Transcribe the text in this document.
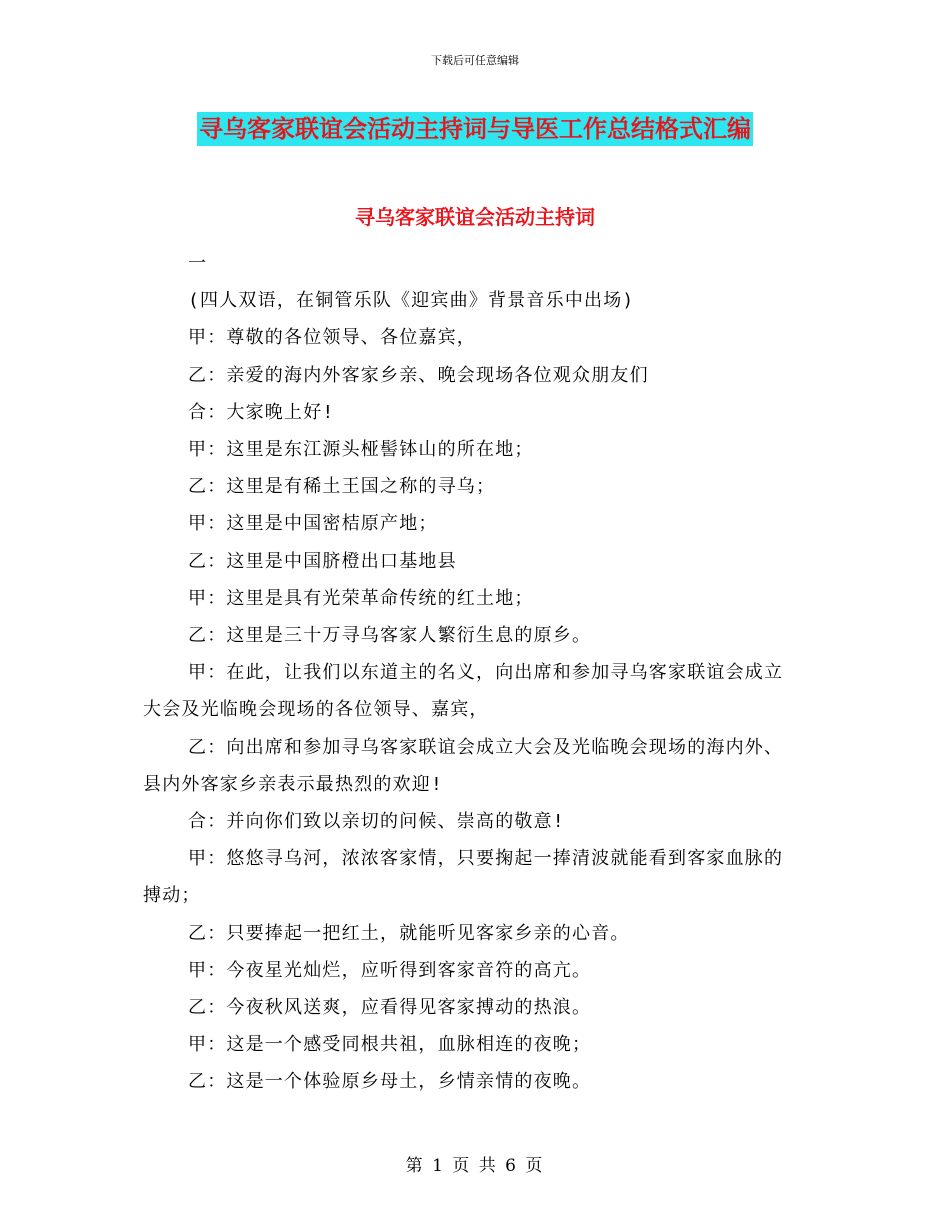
下载后可任意编辑
寻乌客家联谊会活动主持词与导医工作总结格式汇编
寻乌客家联谊会活动主持词

一

(四人双语，在铜管乐队《迎宾曲》背景音乐中出场)

甲：尊敬的各位领导、各位嘉宾，

乙：亲爱的海内外客家乡亲、晚会现场各位观众朋友们

合：大家晚上好!

甲：这里是东江源头桠髻钵山的所在地；

乙：这里是有稀土王国之称的寻乌；

甲：这里是中国密桔原产地；

乙：这里是中国脐橙出口基地县

甲：这里是具有光荣革命传统的红土地；

乙：这里是三十万寻乌客家人繁衍生息的原乡。

甲：在此，让我们以东道主的名义，向出席和参加寻乌客家联谊会成立大会及光临晚会现场的各位领导、嘉宾，

乙：向出席和参加寻乌客家联谊会成立大会及光临晚会现场的海内外、县内外客家乡亲表示最热烈的欢迎!

合：并向你们致以亲切的问候、崇高的敬意!

甲：悠悠寻乌河，浓浓客家情，只要掬起一捧清波就能看到客家血脉的搏动；

乙：只要捧起一把红土，就能听见客家乡亲的心音。

甲：今夜星光灿烂，应听得到客家音符的高亢。

乙：今夜秋风送爽，应看得见客家搏动的热浪。

甲：这是一个感受同根共祖，血脉相连的夜晚；

乙：这是一个体验原乡母土，乡情亲情的夜晚。

第 1 页 共 6 页
